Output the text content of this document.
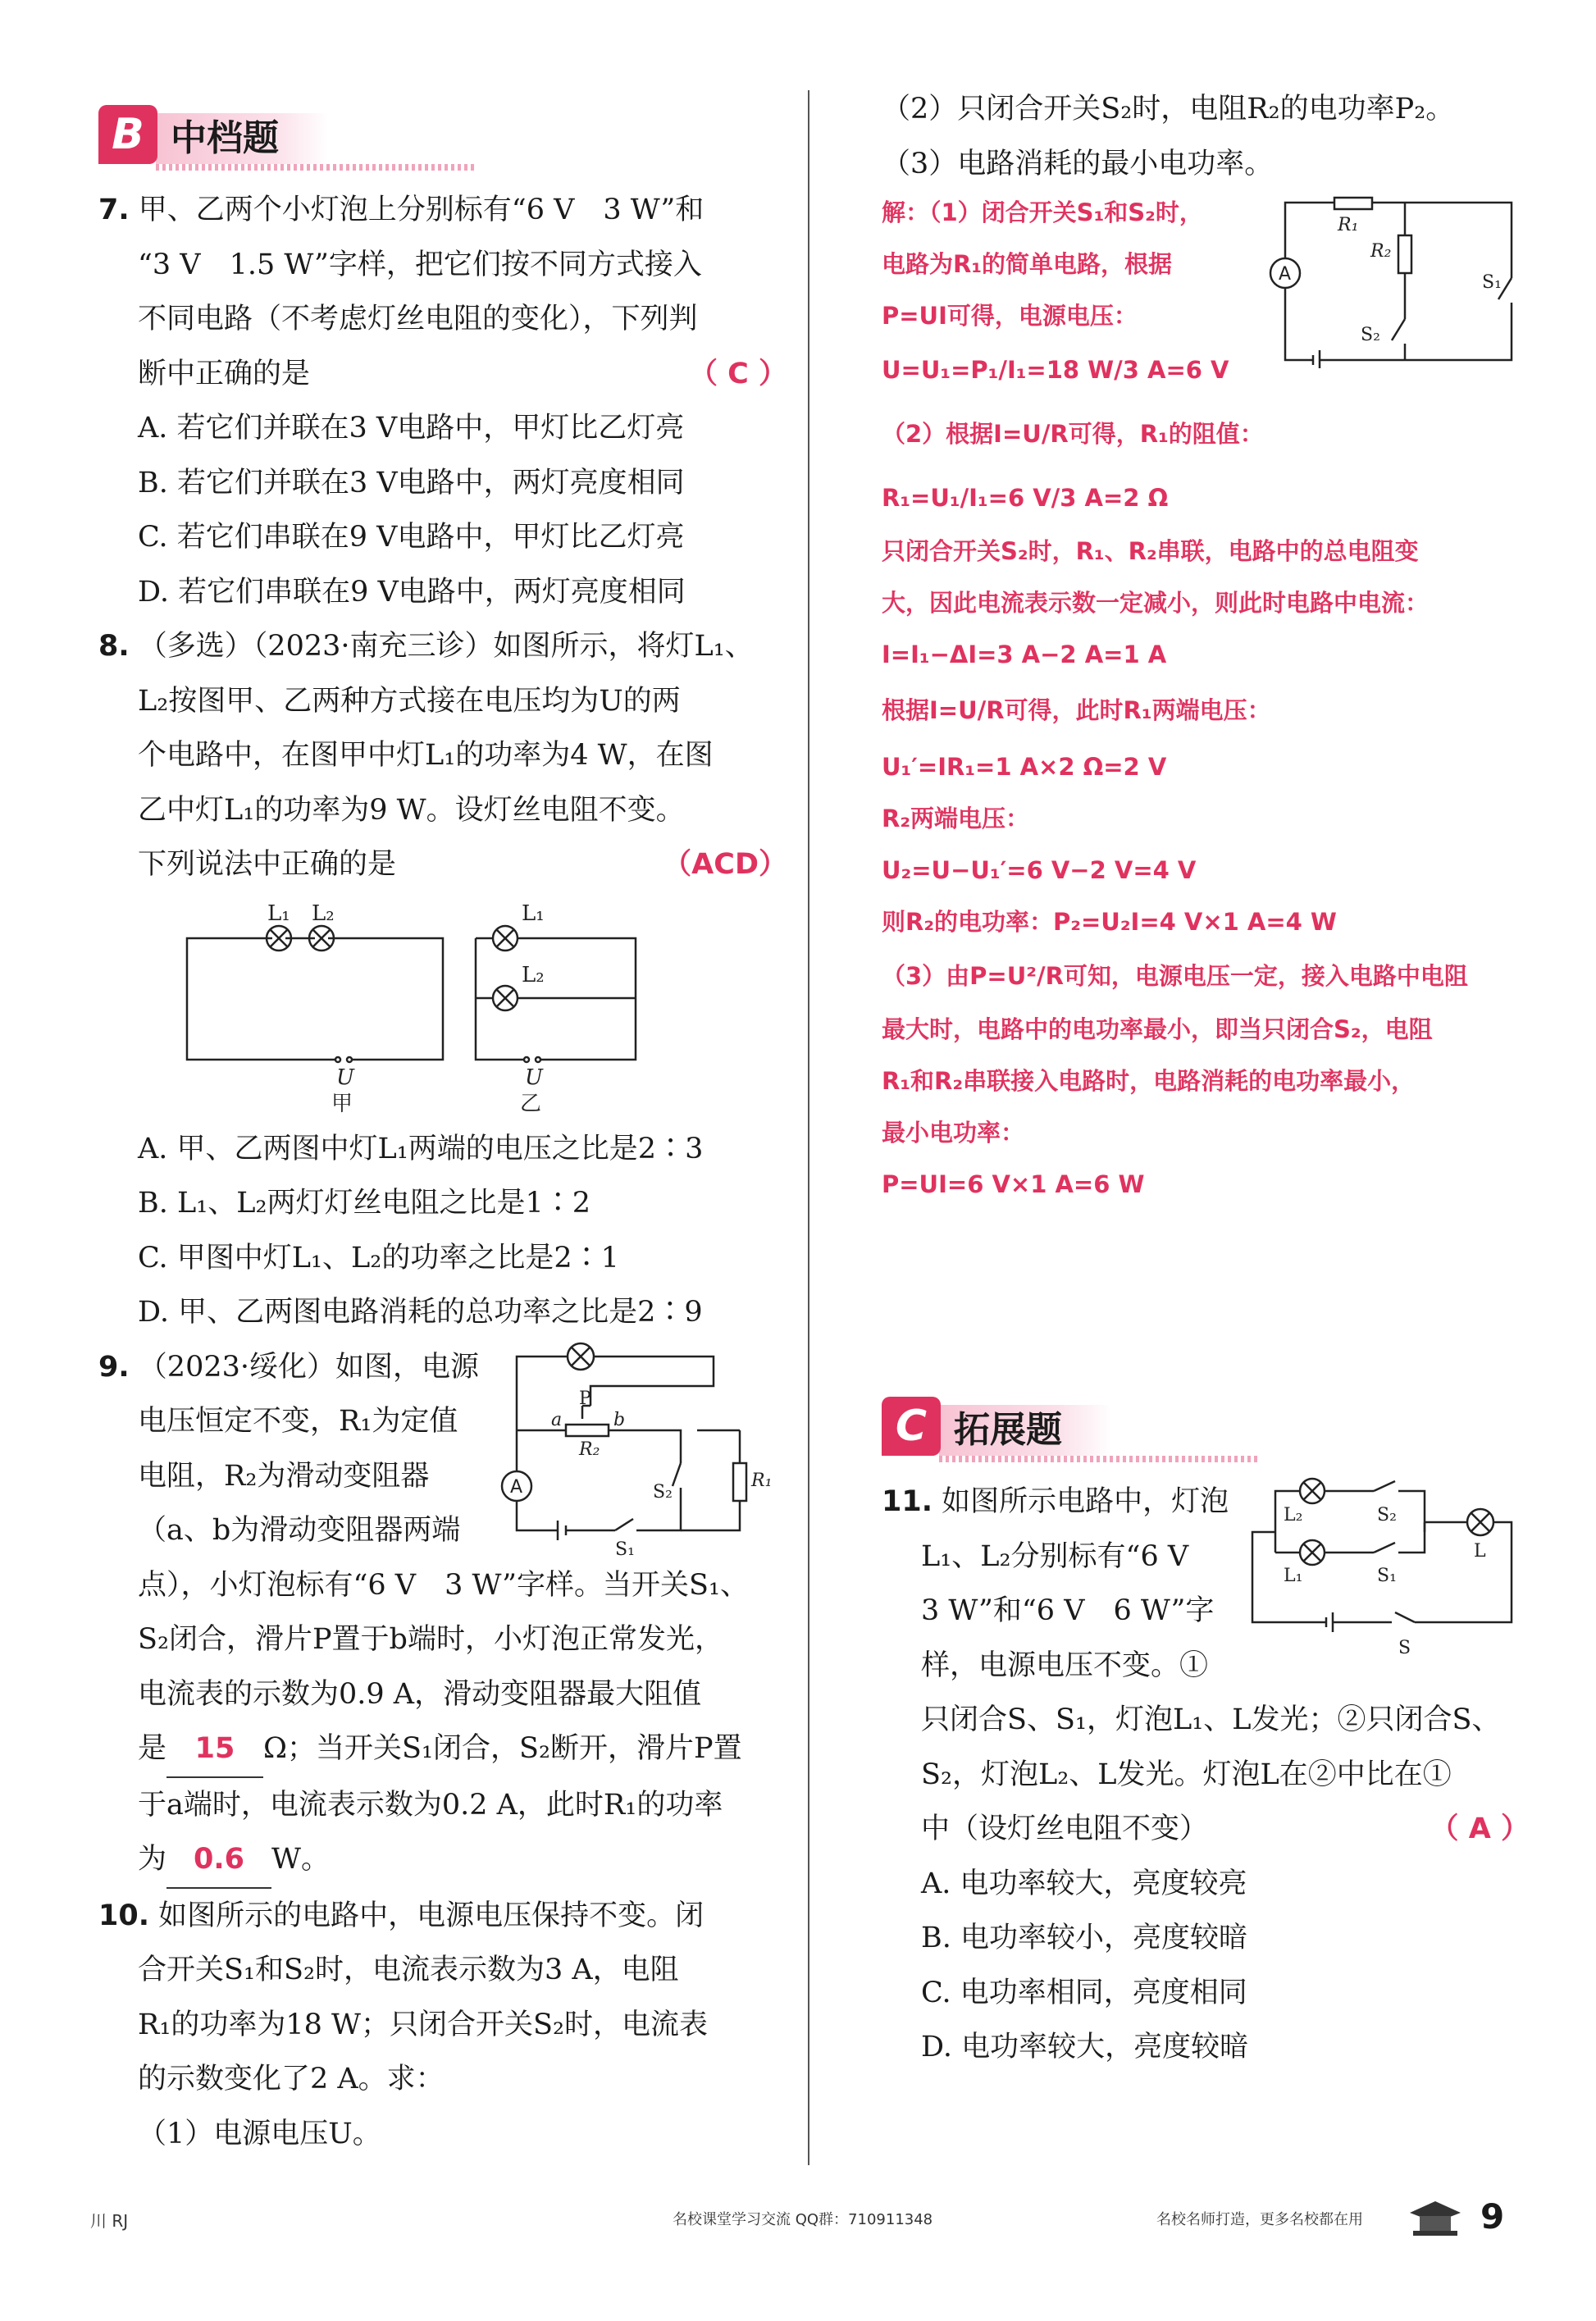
中档题
B
7. 甲、乙两个小灯泡上分别标有“6 V　3 W”和
“3 V　1.5 W”字样，把它们按不同方式接入
不同电路（不考虑灯丝电阻的变化），下列判
断中正确的是	（ C ）
A. 若它们并联在3 V电路中，甲灯比乙灯亮
B. 若它们并联在3 V电路中，两灯亮度相同
C. 若它们串联在9 V电路中，甲灯比乙灯亮
D. 若它们串联在9 V电路中，两灯亮度相同
8. （多选）（2023·南充三诊）如图所示，将灯L₁、
L₂按图甲、乙两种方式接在电压均为U的两
个电路中，在图甲中灯L₁的功率为4 W，在图
乙中灯L₁的功率为9 W。设灯丝电阻不变。
下列说法中正确的是	（ACD）
L₁ L₂
U
甲
L₁
L₂
U
乙
A. 甲、乙两图中灯L₁两端的电压之比是2∶3
B. L₁、L₂两灯灯丝电阻之比是1∶2
C. 甲图中灯L₁、L₂的功率之比是2∶1
D. 甲、乙两图电路消耗的总功率之比是2∶9
P
a	b
R₂
R₁
S₂
S₁
A
9. （2023·绥化）如图，电源
电压恒定不变，R₁为定值
电阻，R₂为滑动变阻器
（a、b为滑动变阻器两端
点），小灯泡标有“6 V　3 W”字样。当开关S₁、
S₂闭合，滑片P置于b端时，小灯泡正常发光，
电流表的示数为0.9 A，滑动变阻器最大阻值
是 15 Ω；当开关S₁闭合，S₂断开，滑片P置
于a端时，电流表示数为0.2 A，此时R₁的功率
为 0.6 W。
10. 如图所示的电路中，电源电压保持不变。闭
合开关S₁和S₂时，电流表示数为3 A，电阻
R₁的功率为18 W；只闭合开关S₂时，电流表
的示数变化了2 A。求：
（1）电源电压U。
（2）只闭合开关S₂时，电阻R₂的电功率P₂。
（3）电路消耗的最小电功率。
R₁
R₂
S₁
S₂
A
解：（1）闭合开关S₁和S₂时，
电路为R₁的简单电路，根据
P=UI可得，电源电压：
U=U₁=P₁/I₁=18 W/3 A=6 V
（2）根据I=U/R可得，R₁的阻值：
R₁=U₁/I₁=6 V/3 A=2 Ω
只闭合开关S₂时，R₁、R₂串联，电路中的总电阻变
大，因此电流表示数一定减小，则此时电路中电流：
I=I₁−ΔI=3 A−2 A=1 A
根据I=U/R可得，此时R₁两端电压：
U₁′=IR₁=1 A×2 Ω=2 V
R₂两端电压：
U₂=U−U₁′=6 V−2 V=4 V
则R₂的电功率：P₂=U₂I=4 V×1 A=4 W
（3）由P=U²/R可知，电源电压一定，接入电路中电阻
最大时，电路中的电功率最小，即当只闭合S₂，电阻
R₁和R₂串联接入电路时，电路消耗的电功率最小，
最小电功率：
P=UI=6 V×1 A=6 W
拓展题
C
L₂	S₂
L₁	S₁
L
S
11. 如图所示电路中，灯泡
L₁、L₂分别标有“6 V
3 W”和“6 V　6 W”字
样，电源电压不变。①
只闭合S、S₁，灯泡L₁、L发光；②只闭合S、
S₂，灯泡L₂、L发光。灯泡L在②中比在①
中（设灯丝电阻不变）	（ A ）
A. 电功率较大，亮度较亮
B. 电功率较小，亮度较暗
C. 电功率相同，亮度相同
D. 电功率较大，亮度较暗
川 RJ	名校课堂学习交流 QQ群：710911348	名校名师打造，更多名校都在用	9
